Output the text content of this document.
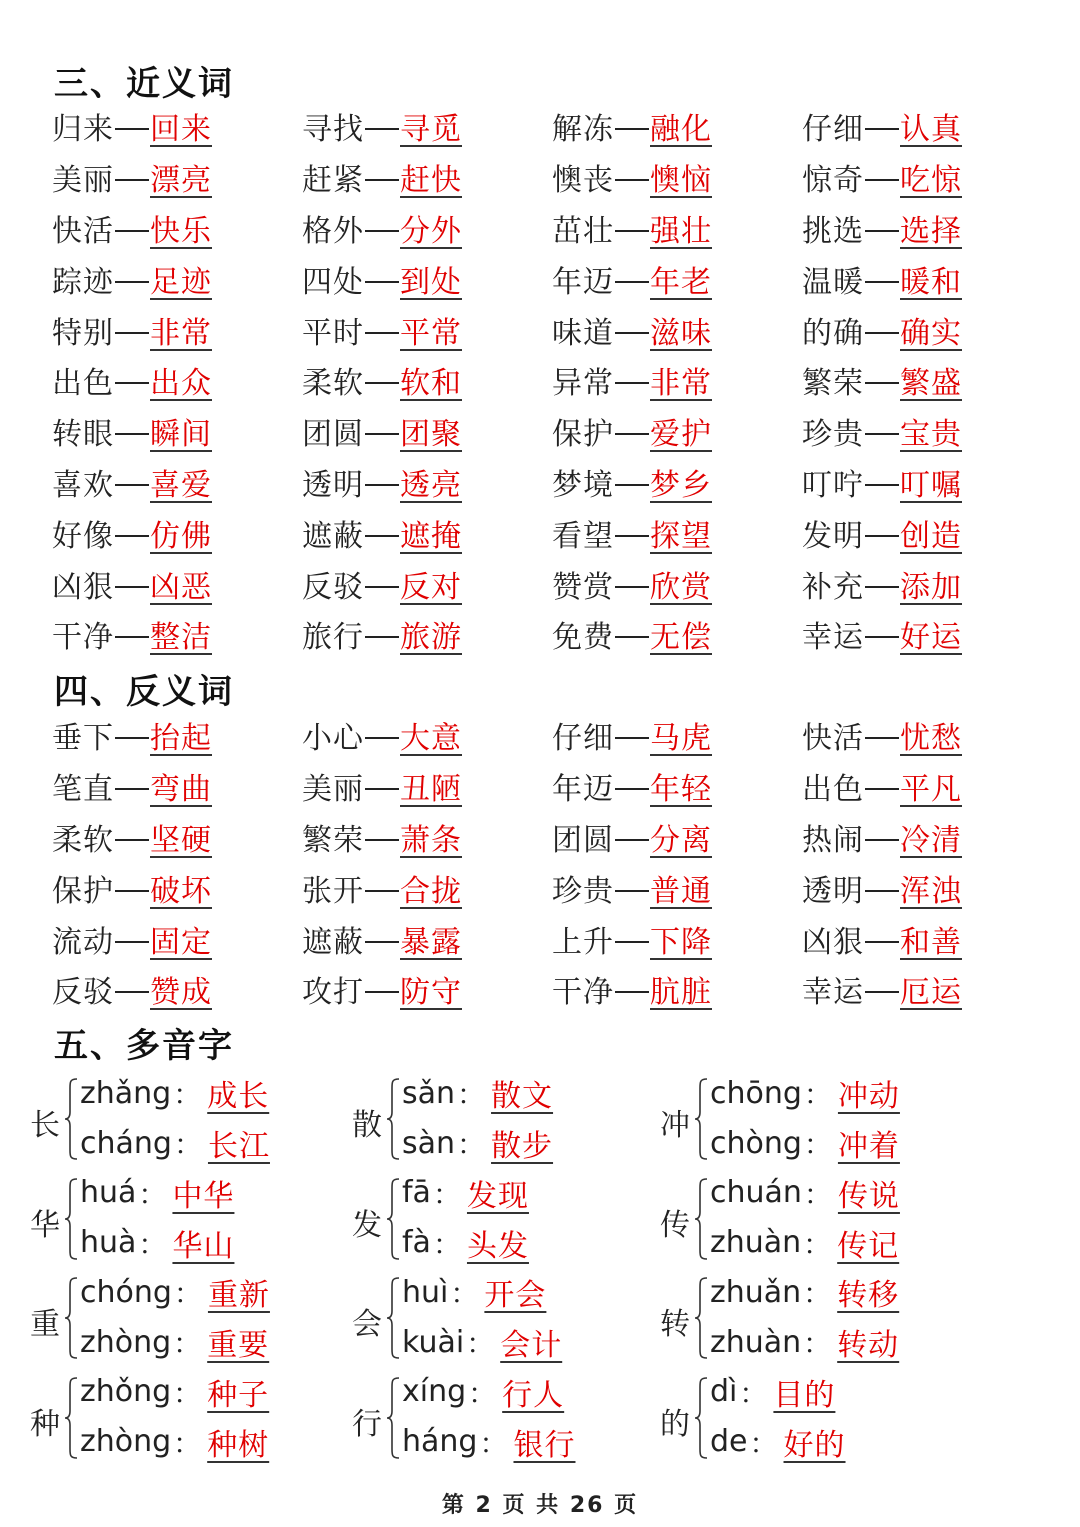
三、近义词
归来 回来	寻找 寻觅	解冻 融化	仔细 认真
美丽 漂亮	赶紧 赶快	懊丧 懊恼	惊奇 吃惊
快活 快乐	格外 分外	茁壮 强壮	挑选 选择
踪迹 足迹	四处 到处	年迈 年老	温暖 暖和
特别 非常	平时 平常	味道 滋味	的确 确实
出色 出众	柔软 软和	异常 非常	繁荣 繁盛
转眼 瞬间	团圆 团聚	保护 爱护	珍贵 宝贵
喜欢 喜爱	透明 透亮	梦境 梦乡	叮咛 叮嘱
好像 仿佛	遮蔽 遮掩	看望 探望	发明 创造
凶狠 凶恶	反驳 反对	赞赏 欣赏	补充 添加
干净 整洁	旅行 旅游	免费 无偿	幸运 好运
四、反义词
垂下 抬起	小心 大意	仔细 马虎	快活 忧愁
笔直 弯曲	美丽 丑陋	年迈 年轻	出色 平凡
柔软 坚硬	繁荣 萧条	团圆 分离	热闹 冷清
保护 破坏	张开 合拢	珍贵 普通	透明 浑浊
流动 固定	遮蔽 暴露	上升 下降	凶狠 和善
反驳 赞成	攻打 防守	干净 肮脏	幸运 厄运
五、多音字
长
zhǎng ： 成长
cháng ： 长江
散
sǎn ： 散文
sàn ： 散步
冲
chōng ： 冲动
chòng ： 冲着
华
huá ： 中华
huà ： 华山
发
fā ： 发现
fà ： 头发
传
chuán ： 传说
zhuàn ： 传记
重
chóng ： 重新
zhòng ： 重要
会
huì ： 开会
kuài ： 会计
转
zhuǎn ： 转移
zhuàn ： 转动
种
zhǒng ： 种子
zhòng ： 种树
行
xíng ： 行人
háng ： 银行
的
dì ： 目的
de ： 好的
第 2 页 共 26 页
